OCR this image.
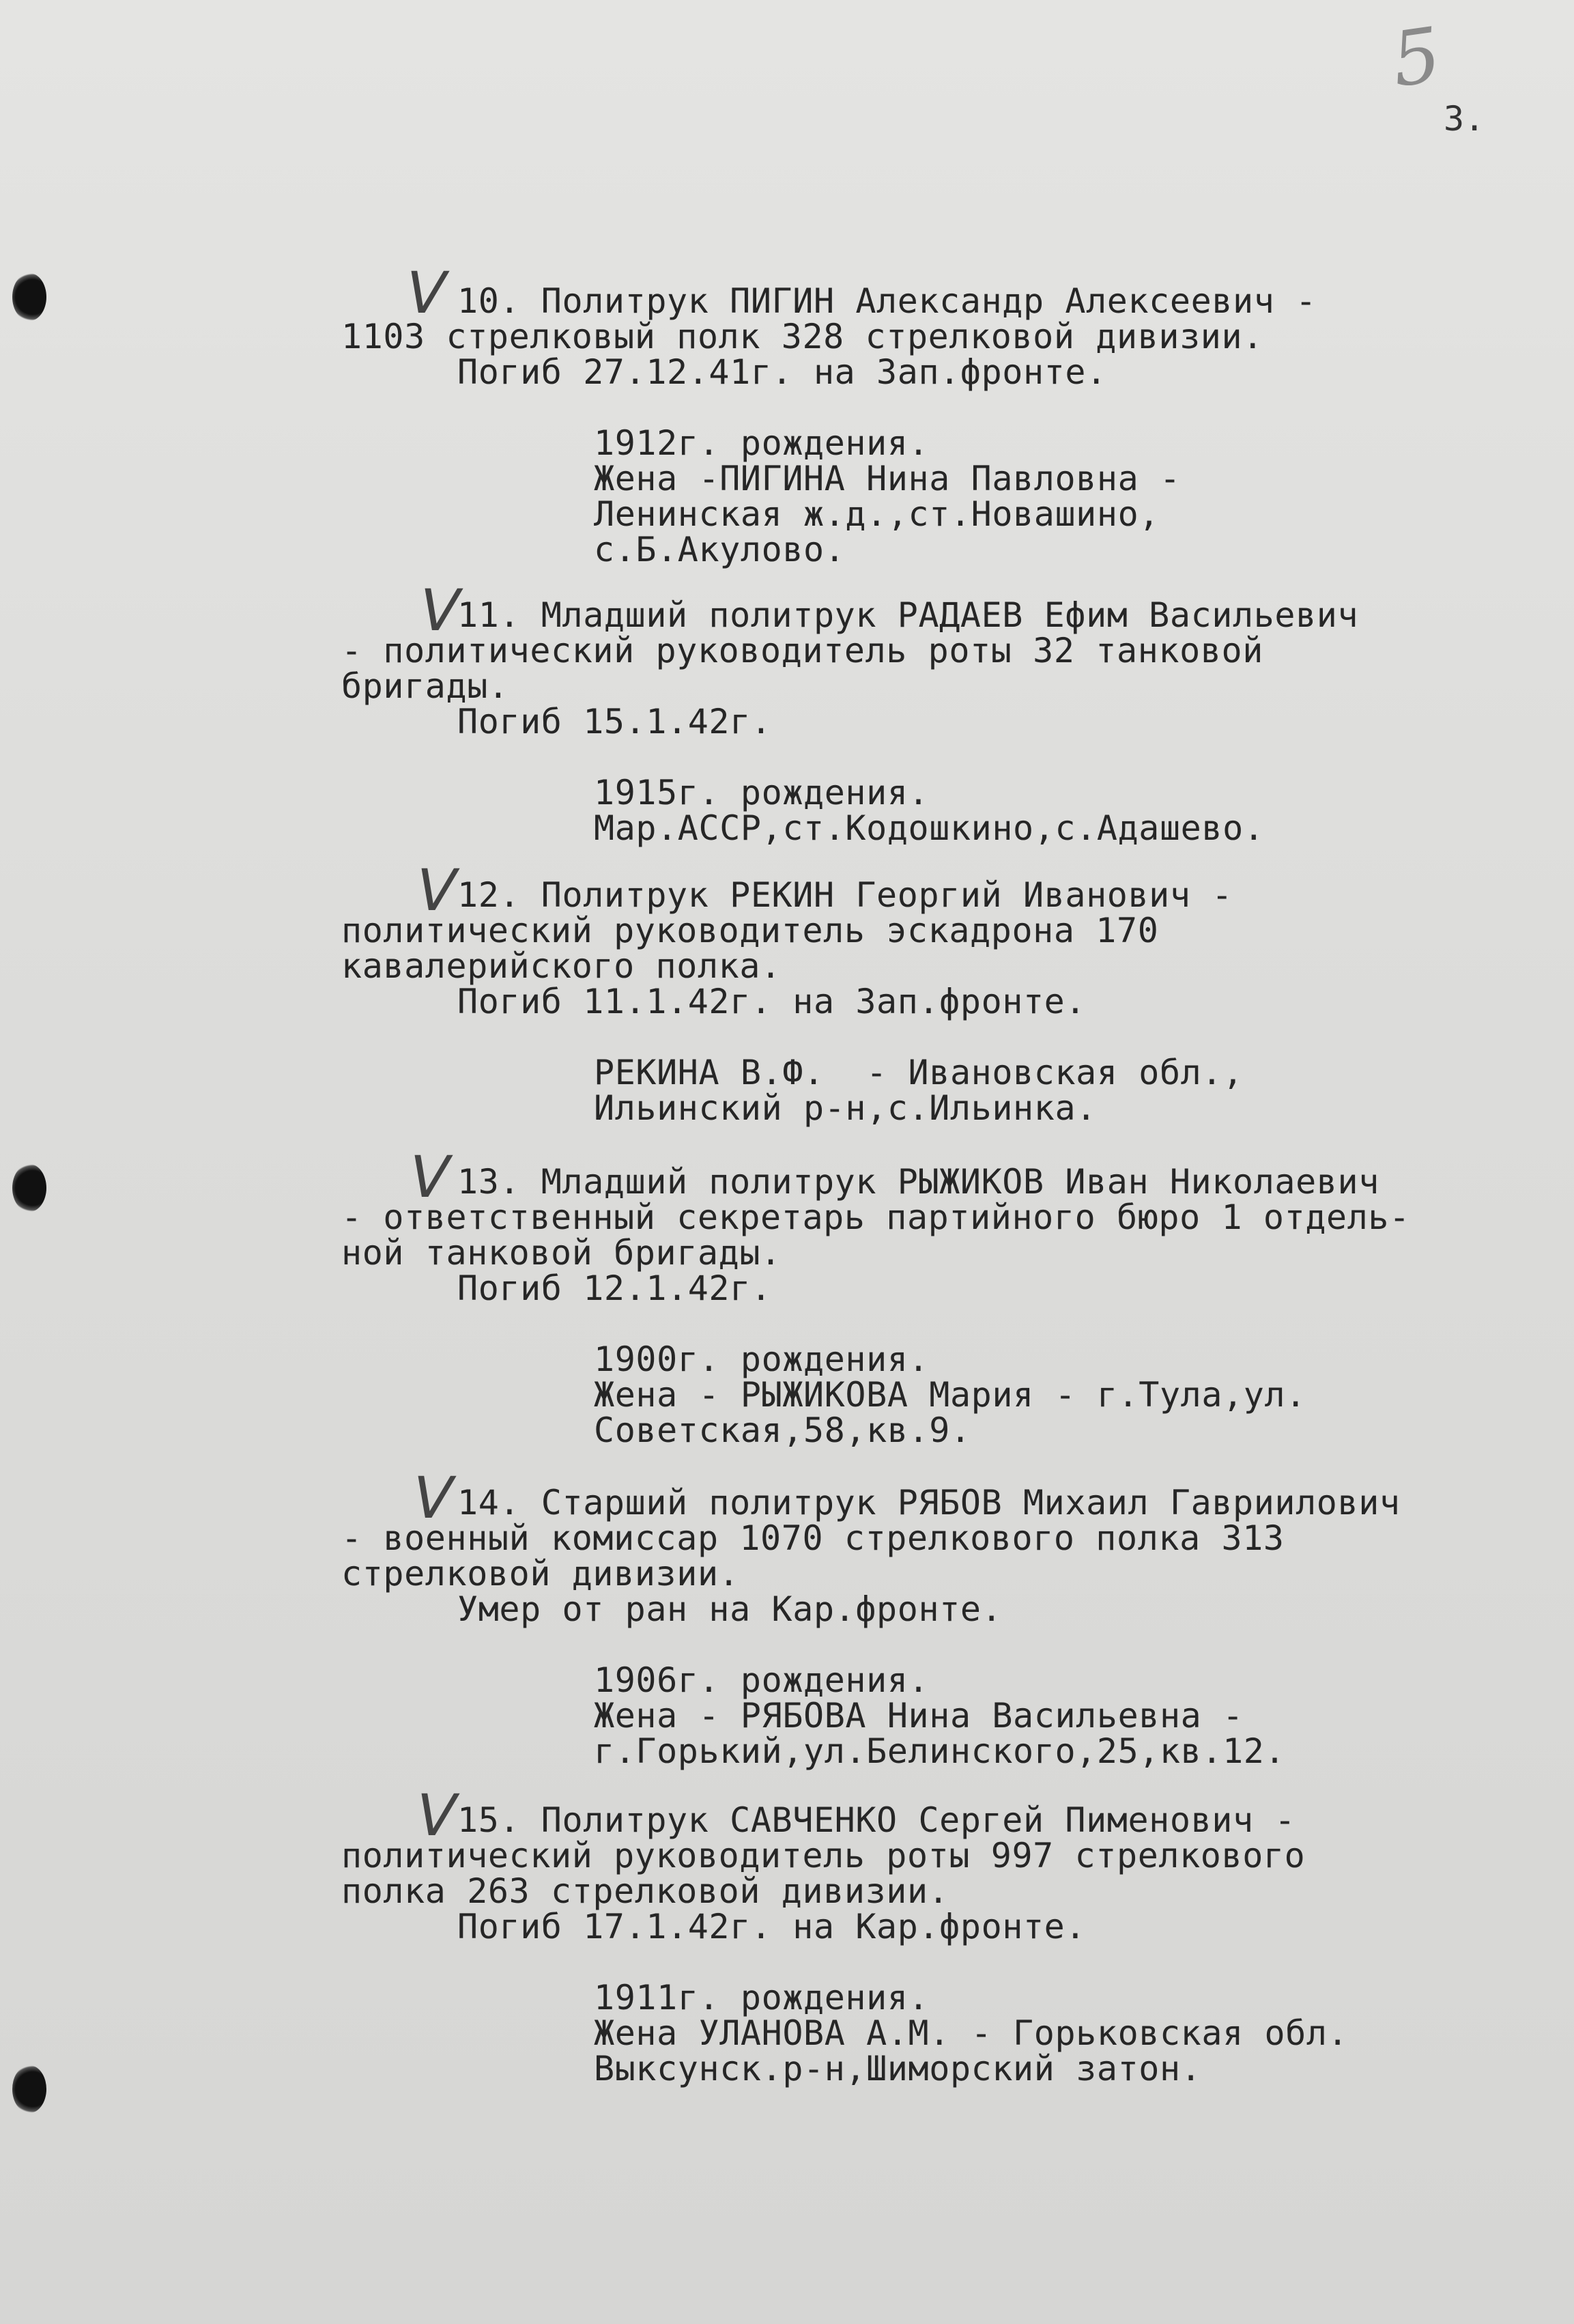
5
3.
V 10. Политрук ПИГИН Александр Алексеевич -
1103 стрелковый полк 328 стрелковой дивизии.
Погиб 27.12.41г. на Зап.фронте.
1912г. рождения.
Жена -ПИГИНА Нина Павловна -
Ленинская ж.д.,ст.Новашино,
с.Б.Акулово.
V
11. Младший политрук РАДАЕВ Ефим Васильевич
- политический руководитель роты 32 танковой
бригады.
Погиб 15.1.42г.
1915г. рождения.
Мар.АССР,ст.Кодошкино,с.Адашево.
V
12. Политрук РЕКИН Георгий Иванович -
политический руководитель эскадрона 170
кавалерийского полка.
Погиб 11.1.42г. на Зап.фронте.
РЕКИНА В.Ф.  - Ивановская обл.,
Ильинский р-н,с.Ильинка.
V 13. Младший политрук РЫЖИКОВ Иван Николаевич
- ответственный секретарь партийного бюро 1 отдель-
ной танковой бригады.
Погиб 12.1.42г.
1900г. рождения.
Жена - РЫЖИКОВА Мария - г.Тула,ул.
Советская,58,кв.9.
V
14. Старший политрук РЯБОВ Михаил Гавриилович
- военный комиссар 1070 стрелкового полка 313
стрелковой дивизии.
Умер от ран на Кар.фронте.
1906г. рождения.
Жена - РЯБОВА Нина Васильевна -
г.Горький,ул.Белинского,25,кв.12.
V
15. Политрук САВЧЕНКО Сергей Пименович -
политический руководитель роты 997 стрелкового
полка 263 стрелковой дивизии.
Погиб 17.1.42г. на Кар.фронте.
1911г. рождения.
Жена УЛАНОВА А.М. - Горьковская обл.
Выксунск.р-н,Шиморский затон.
